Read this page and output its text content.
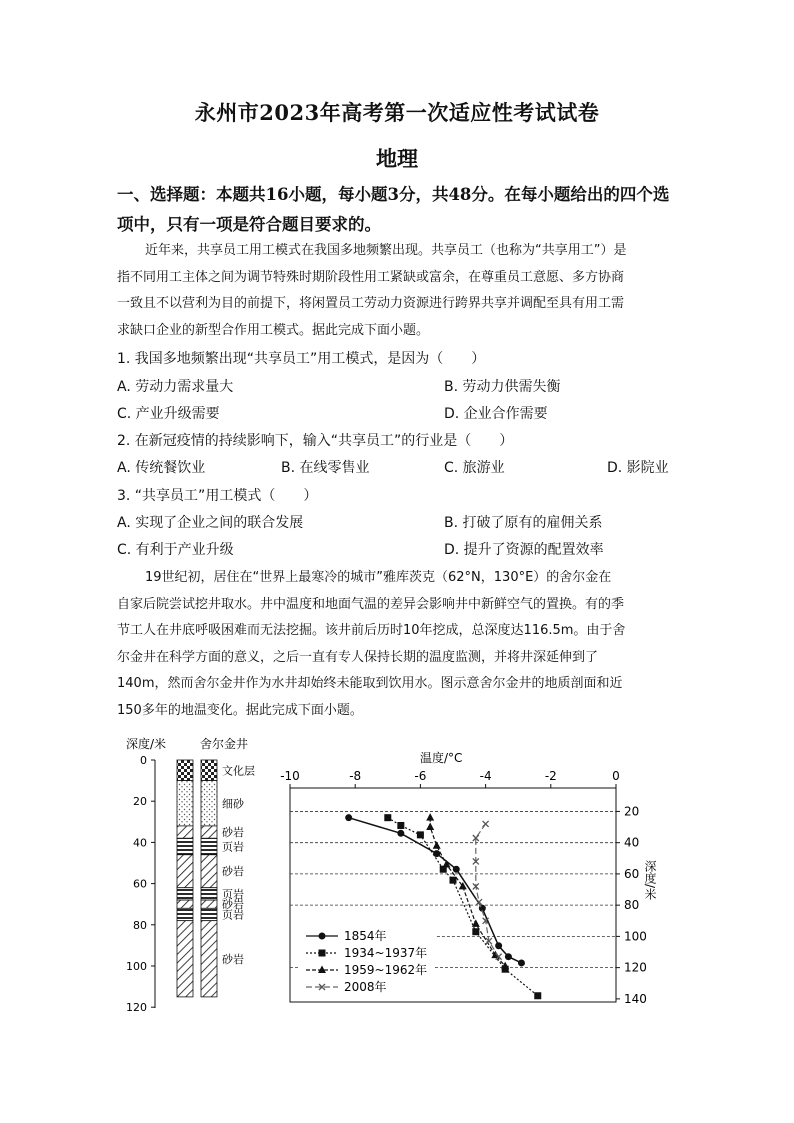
永州市2023年高考第一次适应性考试试卷
地理
一、选择题：本题共16小题，每小题3分，共48分。在每小题给出的四个选
项中，只有一项是符合题目要求的。
近年来，共享员工用工模式在我国多地频繁出现。共享员工（也称为“共享用工”）是
指不同用工主体之间为调节特殊时期阶段性用工紧缺或富余，在尊重员工意愿、多方协商
一致且不以营利为目的前提下，将闲置员工劳动力资源进行跨界共享并调配至具有用工需
求缺口企业的新型合作用工模式。据此完成下面小题。
1. 我国多地频繁出现“共享员工”用工模式，是因为（　　）
A. 劳动力需求量大	B. 劳动力供需失衡
C. 产业升级需要	D. 企业合作需要
2. 在新冠疫情的持续影响下，输入“共享员工”的行业是（　　）
A. 传统餐饮业	B. 在线零售业	C. 旅游业	D. 影院业
3. “共享员工”用工模式（　　）
A. 实现了企业之间的联合发展	B. 打破了原有的雇佣关系
C. 有利于产业升级	D. 提升了资源的配置效率
19世纪初，居住在“世界上最寒冷的城市”雅库茨克（62°N，130°E）的舍尔金在
自家后院尝试挖井取水。井中温度和地面气温的差异会影响井中新鲜空气的置换。有的季
节工人在井底呼吸困难而无法挖掘。该井前后历时10年挖成，总深度达116.5m。由于舍
尔金井在科学方面的意义，之后一直有专人保持长期的温度监测，并将井深延伸到了
140m，然而舍尔金井作为水井却始终未能取到饮用水。图示意舍尔金井的地质剖面和近
150多年的地温变化。据此完成下面小题。
深度/米	舍尔金井
0
20
40
60
80
100
120
文化层
细砂
砂岩
页岩
砂岩
页岩
砂岩
页岩
砂岩
温度/°C
-10	-8	-6	-4	-2	0
20
40
60
80
100
120
140
深度/米
1854年
1934~1937年
1959~1962年
2008年
